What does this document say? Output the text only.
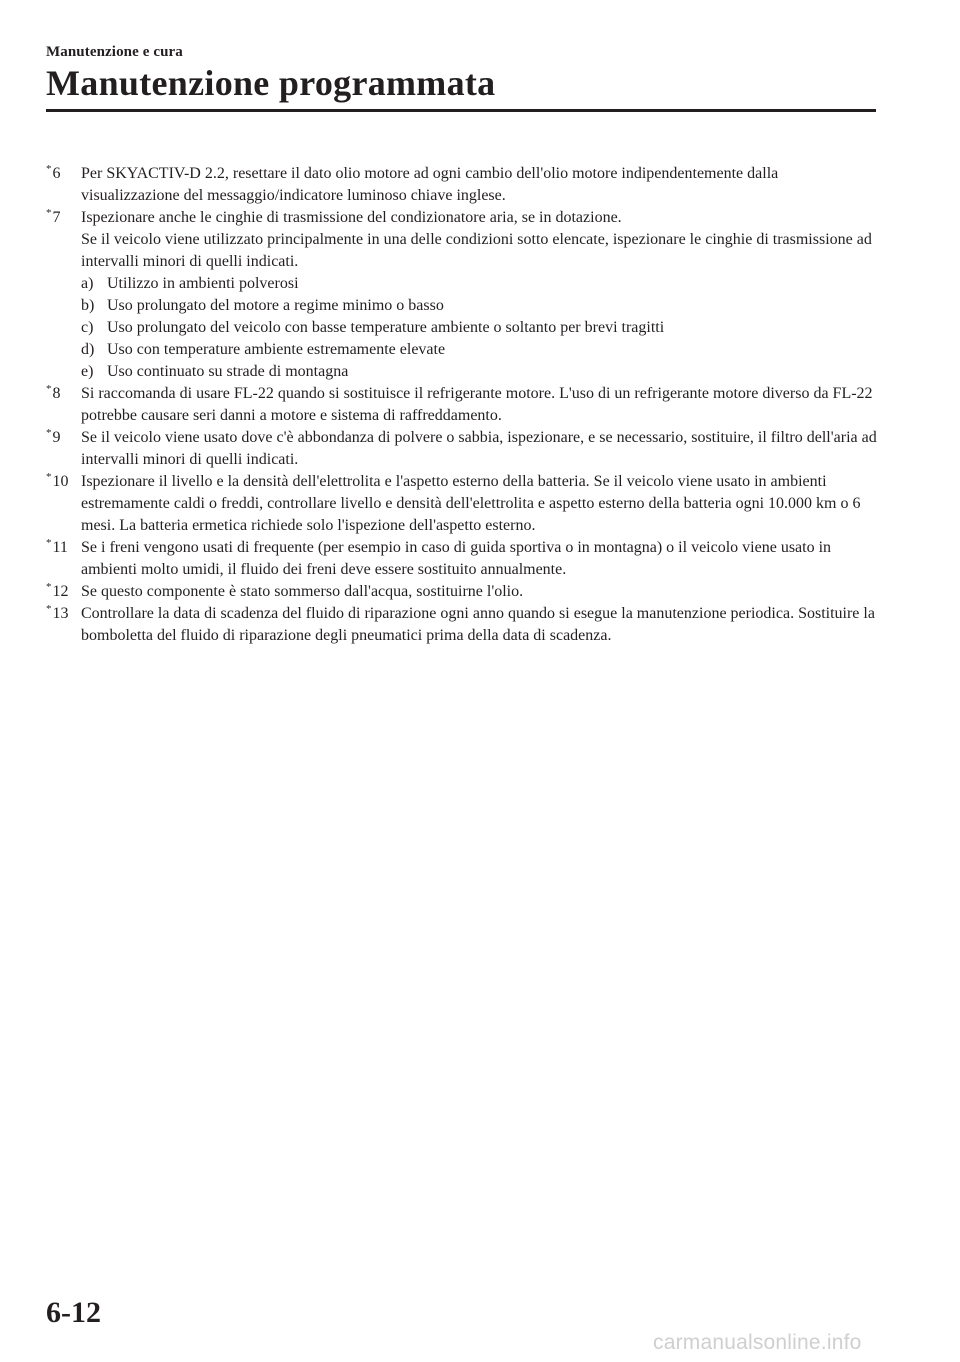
Manutenzione e cura
Manutenzione programmata
*6	Per SKYACTIV-D 2.2, resettare il dato olio motore ad ogni cambio dell'olio motore indipendentemente dalla visualizzazione del messaggio/indicatore luminoso chiave inglese.
*7	Ispezionare anche le cinghie di trasmissione del condizionatore aria, se in dotazione.
Se il veicolo viene utilizzato principalmente in una delle condizioni sotto elencate, ispezionare le cinghie di trasmissione ad intervalli minori di quelli indicati.
a) Utilizzo in ambienti polverosi
b) Uso prolungato del motore a regime minimo o basso
c) Uso prolungato del veicolo con basse temperature ambiente o soltanto per brevi tragitti
d) Uso con temperature ambiente estremamente elevate
e) Uso continuato su strade di montagna
*8	Si raccomanda di usare FL-22 quando si sostituisce il refrigerante motore. L'uso di un refrigerante motore diverso da FL-22 potrebbe causare seri danni a motore e sistema di raffreddamento.
*9	Se il veicolo viene usato dove c'è abbondanza di polvere o sabbia, ispezionare, e se necessario, sostituire, il filtro dell'aria ad intervalli minori di quelli indicati.
*10 Ispezionare il livello e la densità dell'elettrolita e l'aspetto esterno della batteria. Se il veicolo viene usato in ambienti estremamente caldi o freddi, controllare livello e densità dell'elettrolita e aspetto esterno della batteria ogni 10.000 km o 6 mesi. La batteria ermetica richiede solo l'ispezione dell'aspetto esterno.
*11 Se i freni vengono usati di frequente (per esempio in caso di guida sportiva o in montagna) o il veicolo viene usato in ambienti molto umidi, il fluido dei freni deve essere sostituito annualmente.
*12 Se questo componente è stato sommerso dall'acqua, sostituirne l'olio.
*13 Controllare la data di scadenza del fluido di riparazione ogni anno quando si esegue la manutenzione periodica. Sostituire la bomboletta del fluido di riparazione degli pneumatici prima della data di scadenza.
6-12
carmanualsonline.info
